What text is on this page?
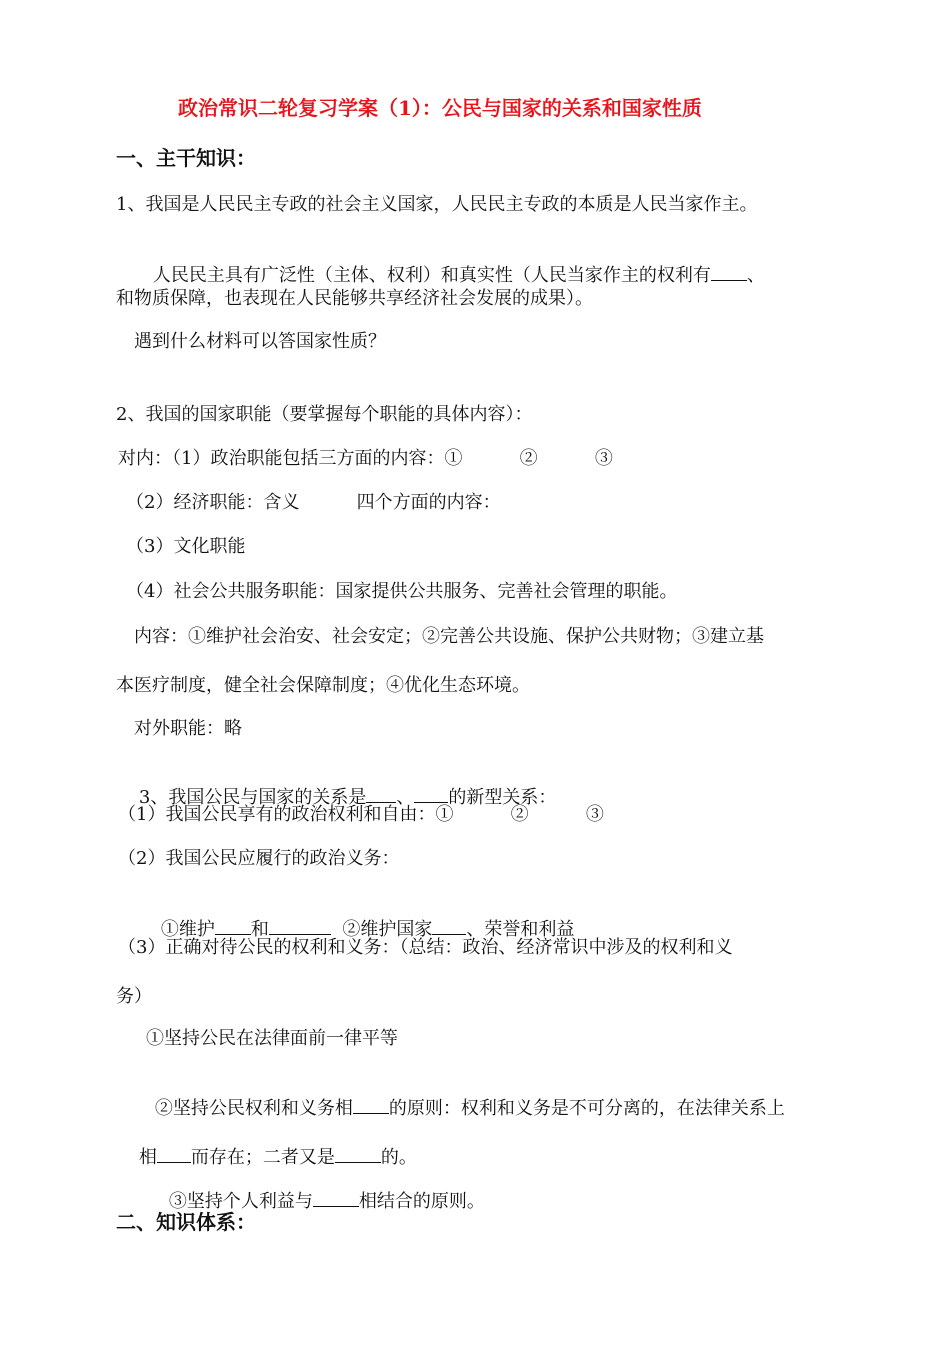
政治常识二轮复习学案（1）：公民与国家的关系和国家性质
一、主干知识：
1、我国是人民民主专政的社会主义国家，人民民主专政的本质是人民当家作主。

人民民主具有广泛性（主体、权利）和真实性（人民当家作主的权利有 、

和物质保障，也表现在人民能够共享经济社会发展的成果）。
遇到什么材料可以答国家性质？
2、我国的国家职能（要掌握每个职能的具体内容）：
对内：（1）政治职能包括三方面的内容：①          ②          ③
（2）经济职能：含义          四个方面的内容：
（3）文化职能
（4）社会公共服务职能：国家提供公共服务、完善社会管理的职能。
内容：①维护社会治安、社会安定；②完善公共设施、保护公共财物；③建立基
本医疗制度，健全社会保障制度；④优化生态环境。
对外职能：略

3、我国公民与国家的关系是 、 的新型关系：

（1）我国公民享有的政治权利和自由：①          ②          ③
（2）我国公民应履行的政治义务：

①维护 和	②维护国家 、荣誉和利益

（3）正确对待公民的权利和义务：（总结：政治、经济常识中涉及的权利和义
务）
①坚持公民在法律面前一律平等

②坚持公民权利和义务相 的原则：权利和义务是不可分离的，在法律关系上

相 而存在；二者又是	的。

③坚持个人利益与	相结合的原则。

二、知识体系：
